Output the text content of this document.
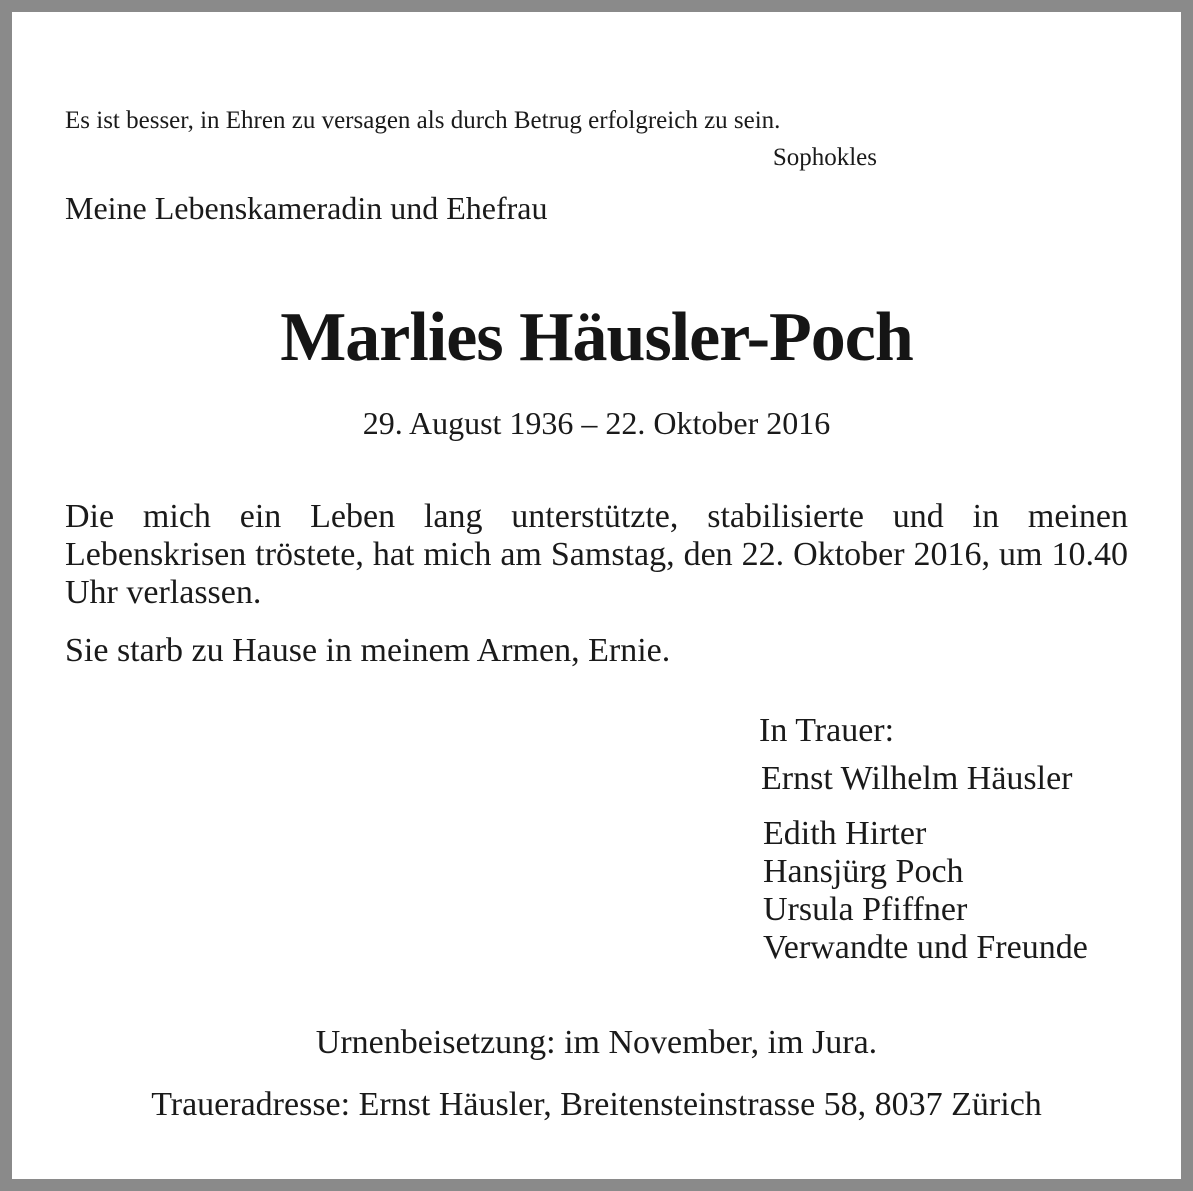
Es ist besser, in Ehren zu versagen als durch Betrug erfolgreich zu sein.

Sophokles

Meine Lebenskameradin und Ehefrau

Marlies Häusler-Poch

29. August 1936 – 22. Oktober 2016

Die mich ein Leben lang unterstützte, stabilisierte und in meinen Lebenskrisen tröstete, hat mich am Samstag, den 22. Oktober 2016, um 10.40 Uhr verlassen.

Sie starb zu Hause in meinem Armen, Ernie.

In Trauer:

Ernst Wilhelm Häusler

Edith Hirter
Hansjürg Poch
Ursula Pfiffner
Verwandte und Freunde

Urnenbeisetzung: im November, im Jura.

Traueradresse: Ernst Häusler, Breitensteinstrasse 58, 8037 Zürich
